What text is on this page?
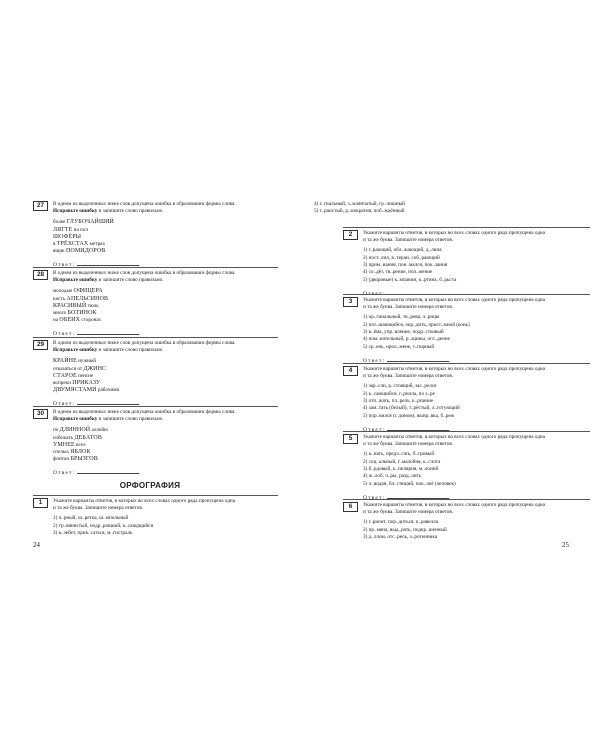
27	В одном из выделенных ниже слов допущена ошибка в образовании формы слова.
Исправьте ошибку и запишите слово правильно.
более ГЛУБОЧАЙШИЙ
ЛЯГТЕ на пол
ШОФЁРЫ
в ТРЁХСТАХ метрах
ящик ПОМИДОРОВ
Ответ:	.
28	В одном из выделенных ниже слов допущена ошибка в образовании формы слова.
Исправьте ошибку и запишите слово правильно.
молодые ОФИЦЕРА
кисть АПЕЛЬСИНОВ
КРАСИВЫЙ тюль
много БОТИНОК
на ОБЕИХ сторонах
Ответ:	.
29	В одном из выделенных ниже слов допущена ошибка в образовании формы слова.
Исправьте ошибку и запишите слово правильно.
КРАЙНЕ нужный
отказаться от ДЖИНС
СТАРОЕ пенсне
вопреки ПРИКАЗУ
ДВУМЯСТАМИ рабочими
Ответ:	.
30	В одном из выделенных ниже слов допущена ошибка в образовании формы слова.
Исправьте ошибку и запишите слово правильно.
по ДЛИННОЙ аллейю
избежать ДЕБАТОВ
УМНЕЕ всех
спелых ЯБЛОК
фонтан БРЫЗГОВ
Ответ:	.
ОРФОГРАФИЯ
1	Укажите варианты ответов, в которых во всех словах одного ряда пропущена одна
и та же буква. Запишите номера ответов.
1) ч..рный, ш..ретка, ш..мпольный
2) тр..вянистый, подр..ровший, к..саюдщийся
3) к..зебет, прик..саться, м..гистраль
24
4) г..гиальный, з..млянчатый, гр..чишный
5) т..раистый, д..мократия, поб..ждённый
2	Укажите варианты ответов, в которых во всех словах одного ряда пропущена одна
и та же буква. Запишите номера ответов.
1) г..рающий, обл..жающий, д..лина
2) пост..лил, в..теран, соб..рающий
3) прим..нания, пон..мался, пок..зания
4) со..дёт, тв..рение, пол..жение
5) (дворовые) к..мпании, к..ртина, б..рьста
Ответ:	.
3	Укажите варианты ответов, в которых во всех словах одного ряда пропущена одна
и та же буква. Запишите номера ответов.
1) ор..гинальный, тк..рева, л..рицы
2) пот..шающийся, окр..дить, прист..жной (конь)
3) к..ёма, упр..вление, подр..стковый
4) пом..нательный, р..зцины, огл..дение
5) ср..ень, ирол..жене, т..порный
Ответ:	.
4	Укажите варианты ответов, в которых во всех словах одного ряда пропущена одна
и та же буква. Запишите номера ответов.
1) зар..сли, р..стоящий, зас..релся
2) к..сающийся, г..рилла, по з..ре
3) отп..жать, пл..рель, к..рпиние
4) зам..тать (белый), т..рёстый, л..готующий
5) пор..вился (с домом), выпр..вка, б..реж
Ответ:	.
5	Укажите варианты ответов, в которых во всех словах одного ряда пропущена одна
и та же буква. Запишите номера ответов.
1) к..нать, предл..гать, б..гровый
2) соц..альный, г..малобия, к..слота
3) б..рдовый, к..пилярия, м..лоний
4) ж..лоб, ч..ры, разд..лить
5) ч..водан, бл..стящий, пок..лоё (человек)
Ответ:	.
6	Укажите варианты ответов, в которых во всех словах одного ряда пропущена одна
и та же буква. Запишите номера ответов.
1) г..рионт, пор..диться, к..равелла
2) пр..мяна, выд..рать, подкр..шенный
3) д..ллом, отс..рель, э..ротенника
25
